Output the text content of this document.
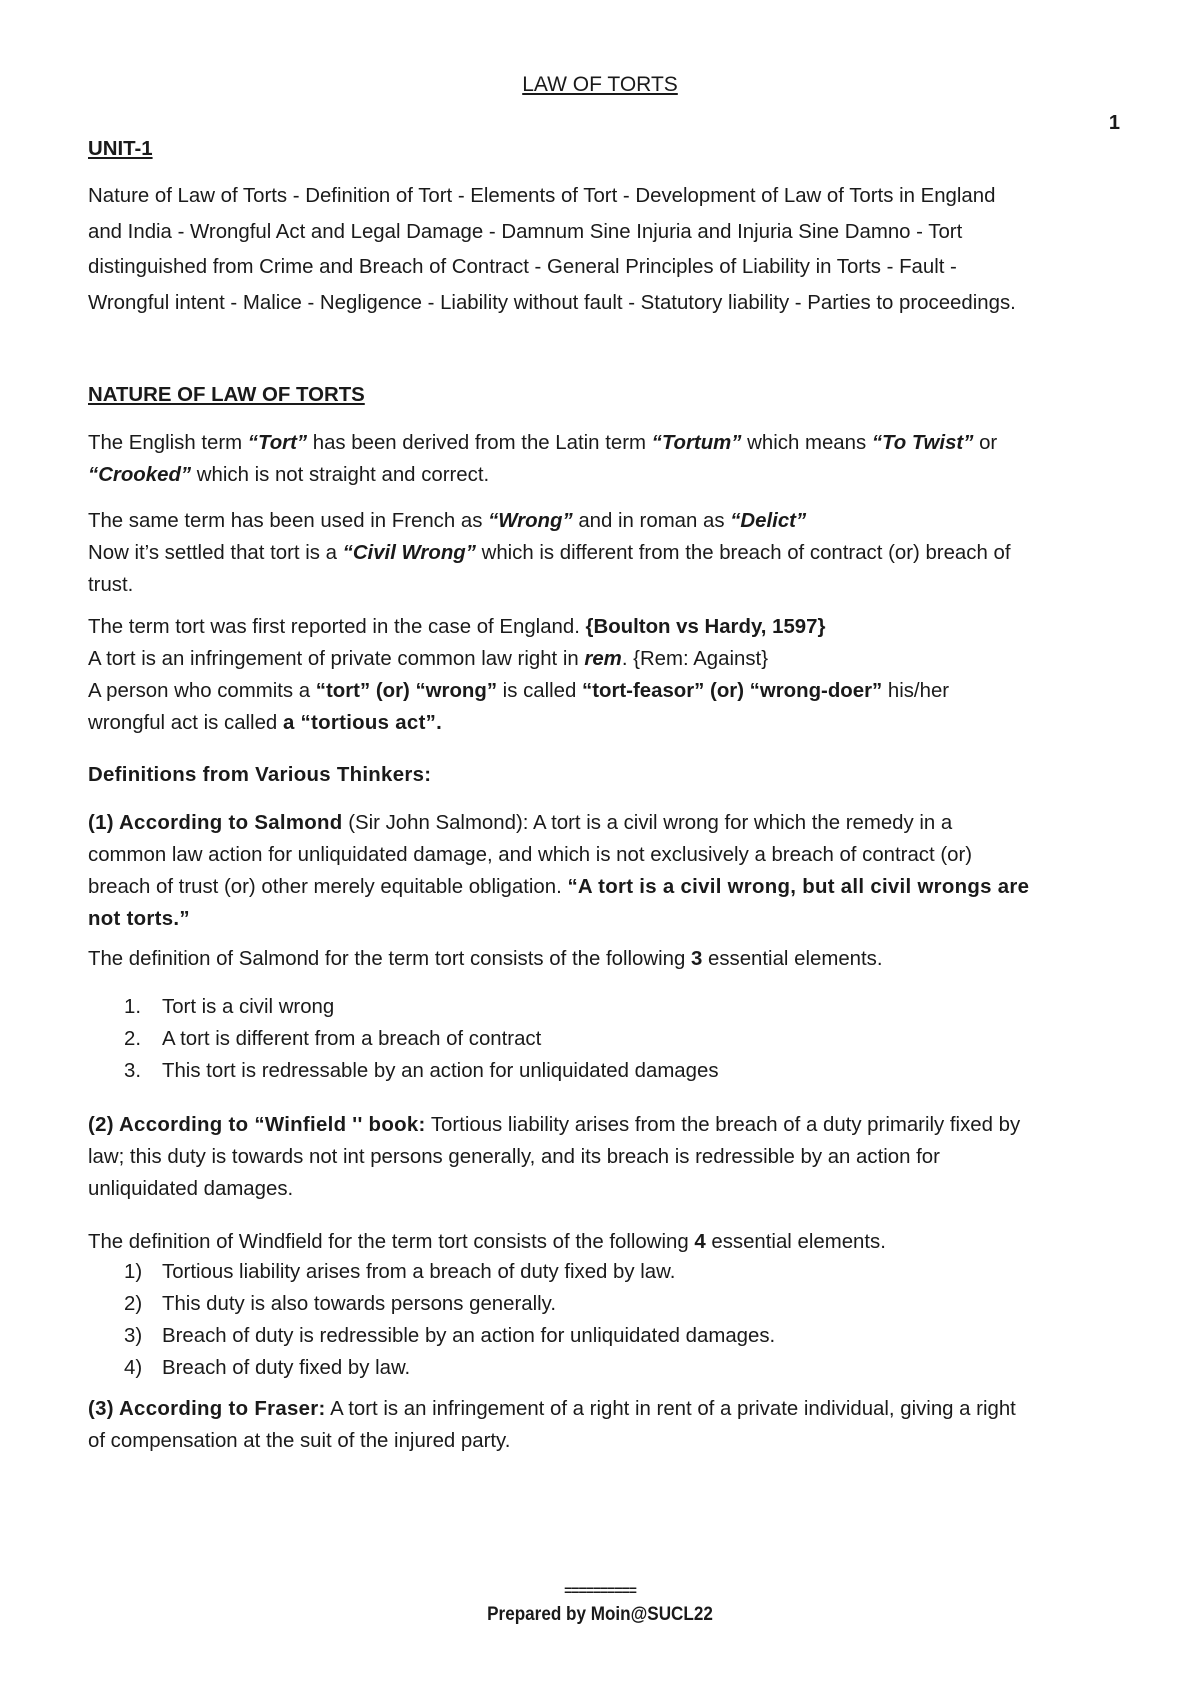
LAW OF TORTS
1

UNIT-1

Nature of Law of Torts - Definition of Tort - Elements of Tort - Development of Law of Torts in England

and India - Wrongful Act and Legal Damage - Damnum Sine Injuria and Injuria Sine Damno - Tort

distinguished from Crime and Breach of Contract - General Principles of Liability in Torts - Fault -

Wrongful intent - Malice - Negligence - Liability without fault - Statutory liability - Parties to proceedings.

NATURE OF LAW OF TORTS

The English term “Tort” has been derived from the Latin term “Tortum” which means “To Twist” or

“Crooked” which is not straight and correct.

The same term has been used in French as “Wrong” and in roman as “Delict”

Now it’s settled that tort is a “Civil Wrong” which is different from the breach of contract (or) breach of

trust.

The term tort was first reported in the case of England. {Boulton vs Hardy, 1597}

A tort is an infringement of private common law right in rem. {Rem: Against}

A person who commits a “tort” (or) “wrong” is called “tort-feasor” (or) “wrong-doer” his/her

wrongful act is called a “tortious act”.

Definitions from Various Thinkers:

(1) According to Salmond (Sir John Salmond): A tort is a civil wrong for which the remedy in a

common law action for unliquidated damage, and which is not exclusively a breach of contract (or)

breach of trust (or) other merely equitable obligation. “A tort is a civil wrong, but all civil wrongs are

not torts.”

The definition of Salmond for the term tort consists of the following 3 essential elements.

1.	Tort is a civil wrong
2.	A tort is different from a breach of contract
3.	This tort is redressable by an action for unliquidated damages

(2) According to “Winfield '' book: Tortious liability arises from the breach of a duty primarily fixed by

law; this duty is towards not int persons generally, and its breach is redressible by an action for

unliquidated damages.

The definition of Windfield for the term tort consists of the following 4 essential elements.

1) Tortious liability arises from a breach of duty fixed by law.
2) This duty is also towards persons generally.
3) Breach of duty is redressible by an action for unliquidated damages.
4) Breach of duty fixed by law.

(3) According to Fraser: A tort is an infringement of a right in rent of a private individual, giving a right

of compensation at the suit of the injured party.

==========
Prepared by Moin@SUCL22
